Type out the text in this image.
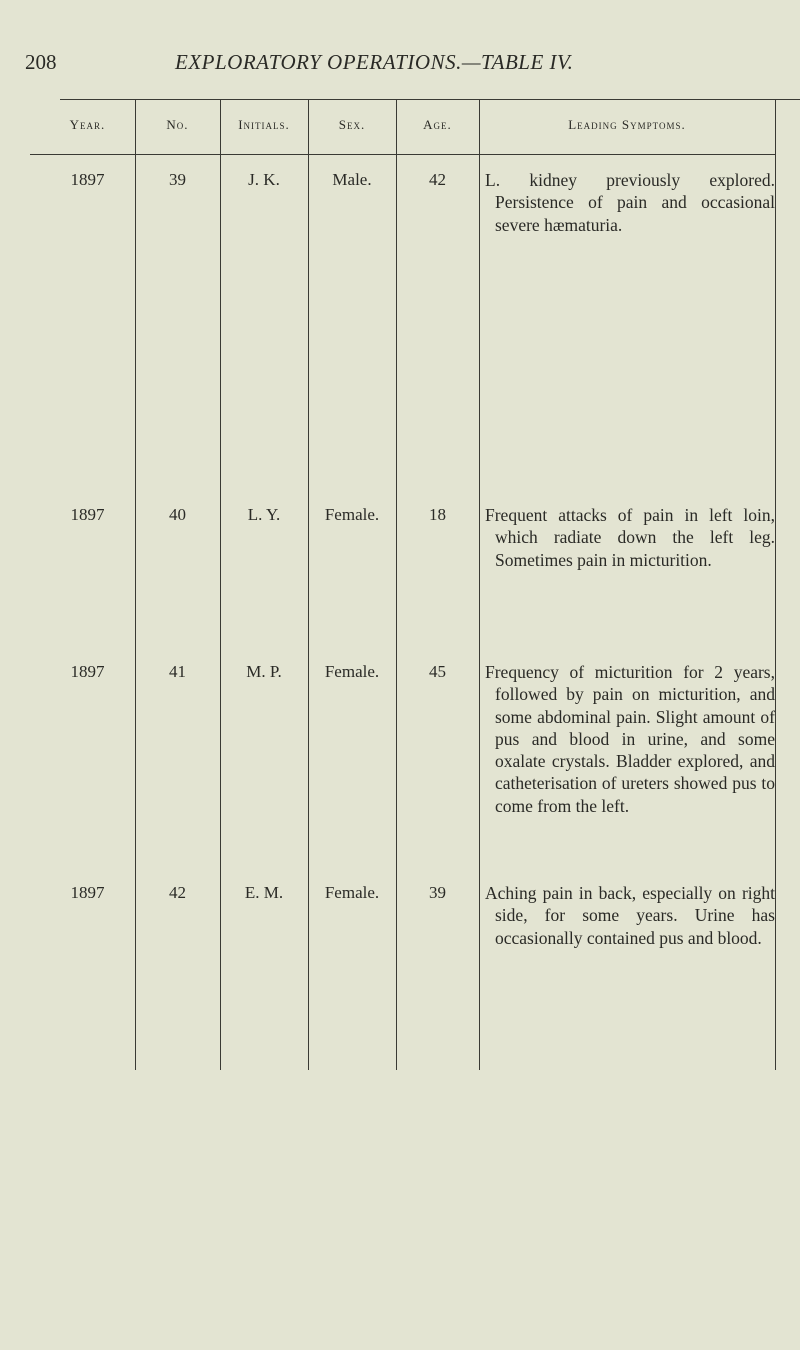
208	EXPLORATORY OPERATIONS.—TABLE IV.
Year.	No.	Initials.	Sex.	Age.	Leading Symptoms.
1897	39	J. K.	Male.	42	L. kidney previously explored. Persistence of pain and occasional severe hæmaturia.
1897	40	L. Y.	Female.	18	Frequent attacks of pain in left loin, which radiate down the left leg. Sometimes pain in micturition.
1897	41	M. P.	Female.	45	Frequency of micturition for 2 years, followed by pain on micturition, and some abdominal pain. Slight amount of pus and blood in urine, and some oxalate crystals. Bladder explored, and catheterisation of ureters showed pus to come from the left.
1897	42	E. M.	Female.	39	Aching pain in back, especially on right side, for some years. Urine has occasionally contained pus and blood.
